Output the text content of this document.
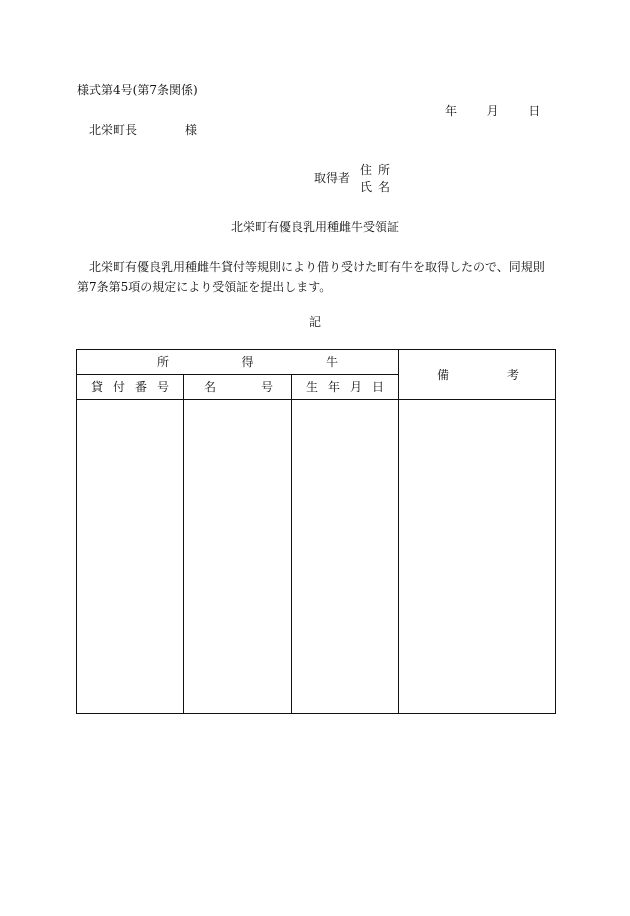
様式第4号(第7条関係)
年 月 日
北栄町長	様
取得者
住所
氏名
北栄町有優良乳用種雌牛受領証
北栄町有優良乳用種雌牛貸付等規則により借り受けた町有牛を取得したので、同規則第7条第5項の規定により受領証を提出します。
記
所 得 牛			備 考

貸 付 番 号	名 号	生 年 月 日	
